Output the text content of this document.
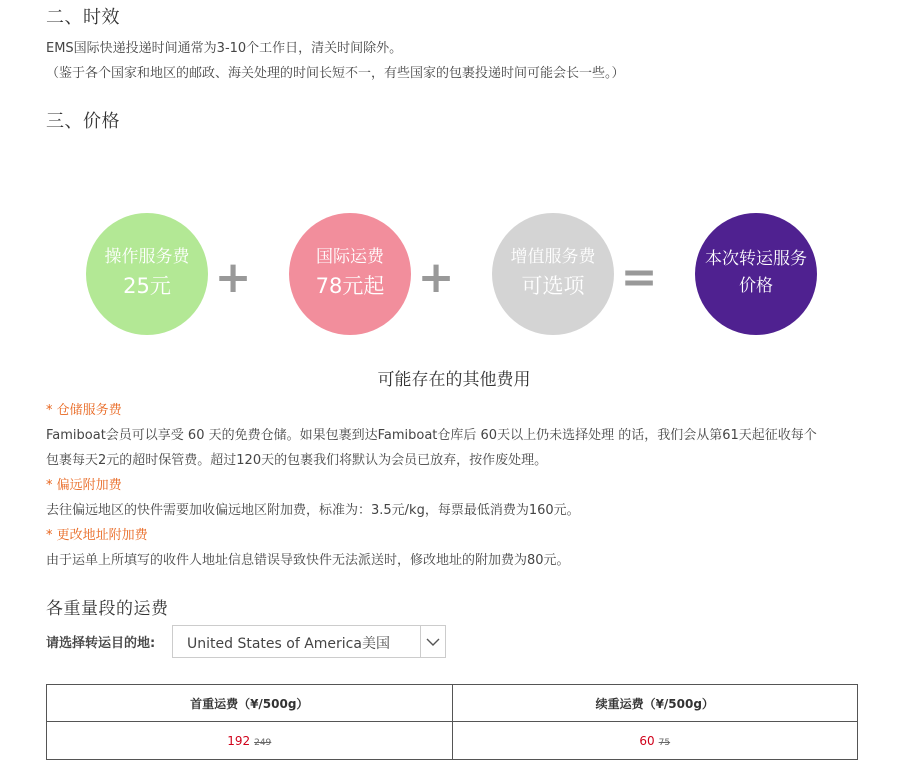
二、时效
EMS国际快递投递时间通常为3-10个工作日，清关时间除外。
（鉴于各个国家和地区的邮政、海关处理的时间长短不一，有些国家的包裹投递时间可能会长一些。）
三、价格
操作服务费
25元 +	国际运费
78元起 +	增值服务费
可选项 =	本次转运服务
价格
可能存在的其他费用
* 仓储服务费
Famiboat会员可以享受 60 天的免费仓储。如果包裹到达Famiboat仓库后 60天以上仍未选择处理 的话，我们会从第61天起征收每个
包裹每天2元的超时保管费。超过120天的包裹我们将默认为会员已放弃，按作废处理。
* 偏远附加费
去往偏远地区的快件需要加收偏远地区附加费，标准为：3.5元/kg，每票最低消费为160元。
* 更改地址附加费
由于运单上所填写的收件人地址信息错误导致快件无法派送时，修改地址的附加费为80元。
各重量段的运费
请选择转运目的地: United States of America美国
首重运费（¥/500g）	续重运费（¥/500g）
192 249	60 75
